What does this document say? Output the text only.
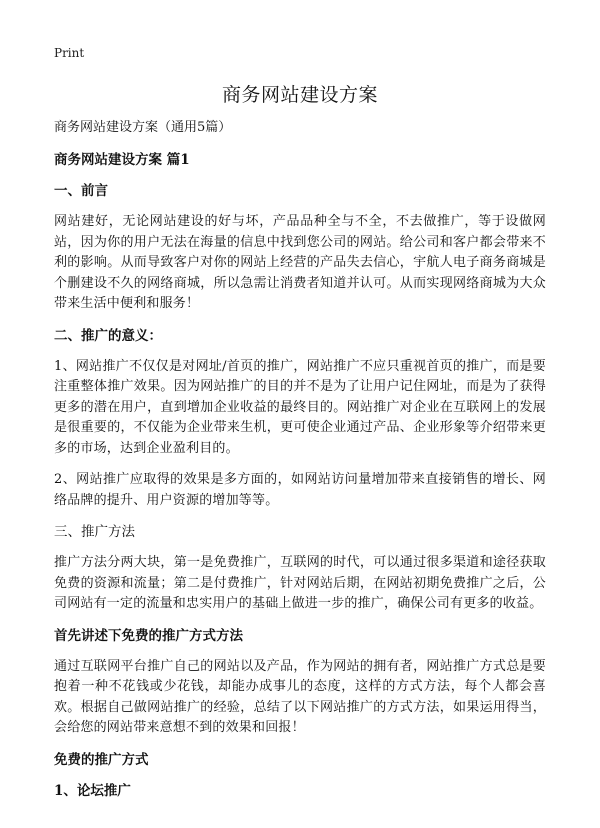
Print
商务网站建设方案
商务网站建设方案（通用5篇）
商务网站建设方案 篇1
一、前言
网站建好，无论网站建设的好与坏，产品品种全与不全，不去做推广，等于设做网站，因为你的用户无法在海量的信息中找到您公司的网站。给公司和客户都会带来不利的影响。从而导致客户对你的网站上经营的产品失去信心，宇航人电子商务商城是个删建设不久的网络商城，所以急需让消费者知道并认可。从而实现网络商城为大众带来生活中便利和服务！
二、推广的意义：
1、网站推广不仅仅是对网址/首页的推广，网站推广不应只重视首页的推广，而是要注重整体推广效果。因为网站推广的目的并不是为了让用户记住网址，而是为了获得更多的潜在用户，直到增加企业收益的最终目的。网站推广对企业在互联网上的发展是很重要的，不仅能为企业带来生机，更可使企业通过产品、企业形象等介绍带来更多的市场，达到企业盈利目的。
2、网站推广应取得的效果是多方面的，如网站访问量增加带来直接销售的增长、网络品牌的提升、用户资源的增加等等。
三、推广方法
推广方法分两大块，第一是免费推广，互联网的时代，可以通过很多渠道和途径获取免费的资源和流量；第二是付费推广，针对网站后期，在网站初期免费推广之后，公司网站有一定的流量和忠实用户的基础上做进一步的推广，确保公司有更多的收益。
首先讲述下免费的推广方式方法
通过互联网平台推广自己的网站以及产品，作为网站的拥有者，网站推广方式总是要抱着一种不花钱或少花钱，却能办成事儿的态度，这样的方式方法，每个人都会喜欢。根据自己做网站推广的经验，总结了以下网站推广的方式方法，如果运用得当，会给您的网站带来意想不到的效果和回报！
免费的推广方式
1、论坛推广
